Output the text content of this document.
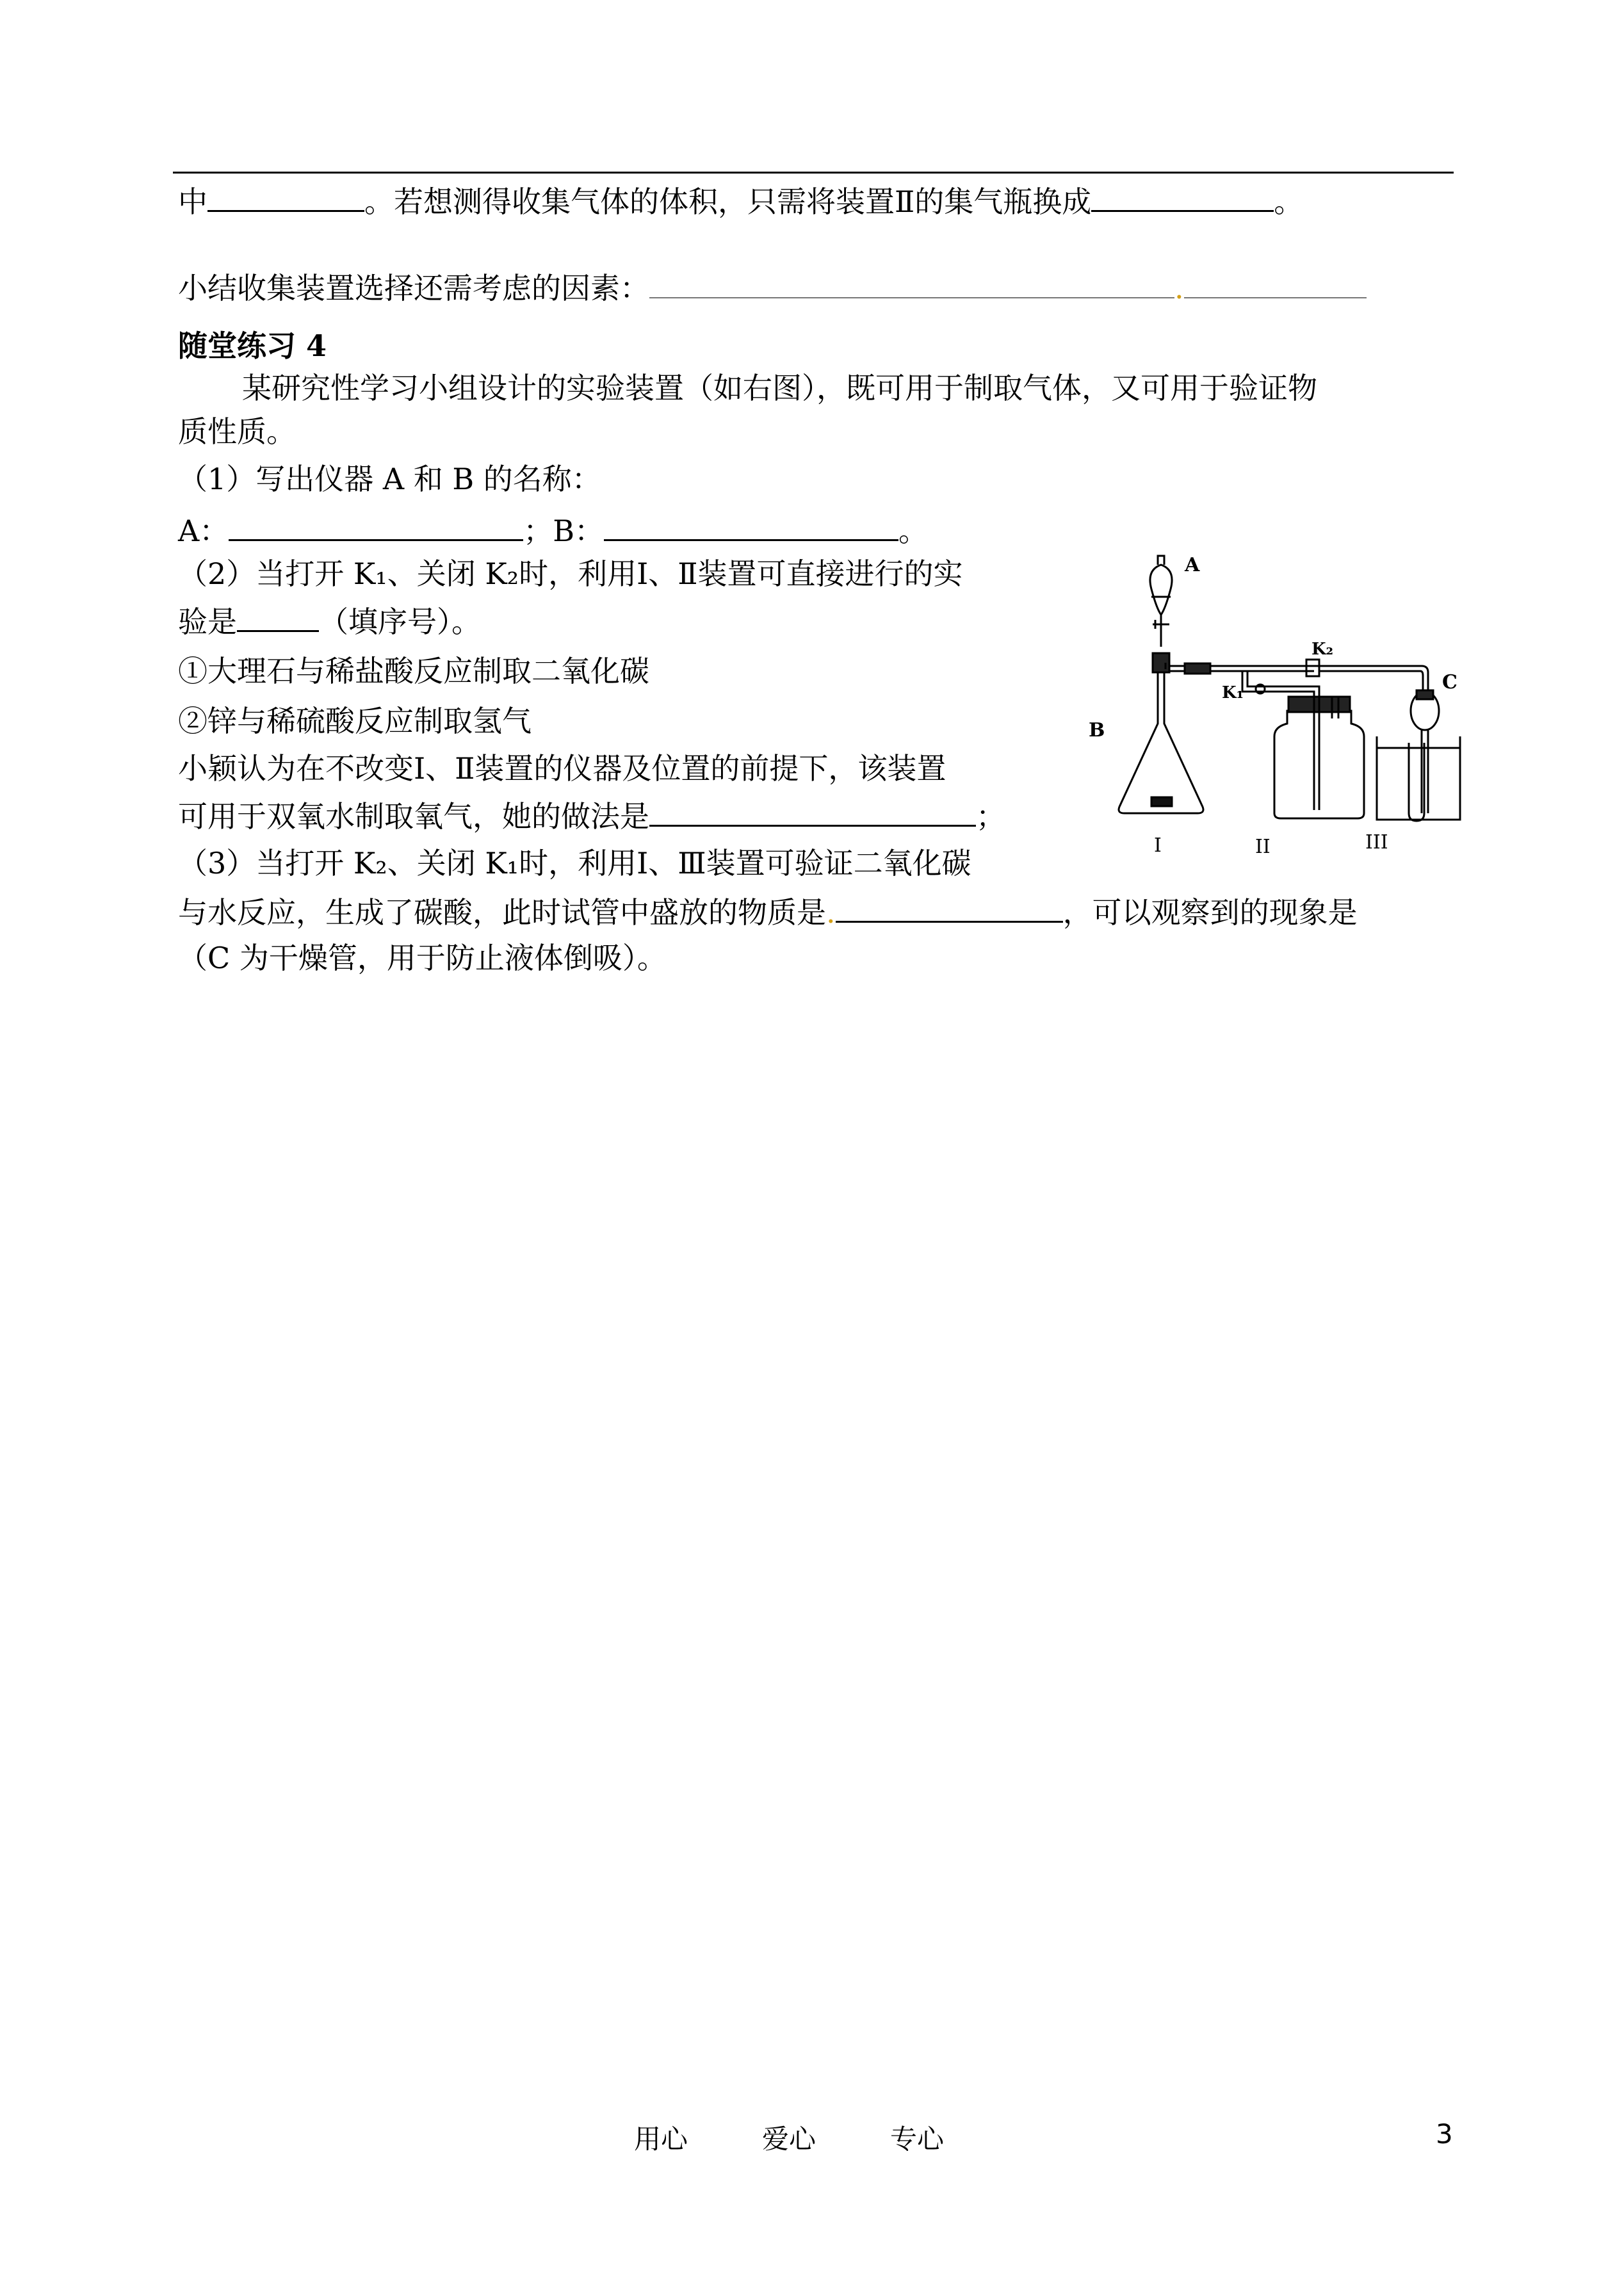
中	。若想测得收集气体的体积，只需将装置Ⅱ的集气瓶换成	。
小结收集装置选择还需考虑的因素：	.
随堂练习 4
某研究性学习小组设计的实验装置（如右图），既可用于制取气体，又可用于验证物
质性质。
（1）写出仪器 A 和 B 的名称：
A：	；B：	。
（2）当打开 K₁、关闭 K₂时，利用Ⅰ、Ⅱ装置可直接进行的实
验是	（填序号）。
①大理石与稀盐酸反应制取二氧化碳
②锌与稀硫酸反应制取氢气
小颖认为在不改变Ⅰ、Ⅱ装置的仪器及位置的前提下，该装置
可用于双氧水制取氧气，她的做法是	；
（3）当打开 K₂、关闭 K₁时，利用Ⅰ、Ⅲ装置可验证二氧化碳
与水反应，生成了碳酸，此时试管中盛放的物质是.	，可以观察到的现象是
（C 为干燥管，用于防止液体倒吸）。
A
B
C
K₁
K₂
I	II	III
用心	爱心	专心	3
